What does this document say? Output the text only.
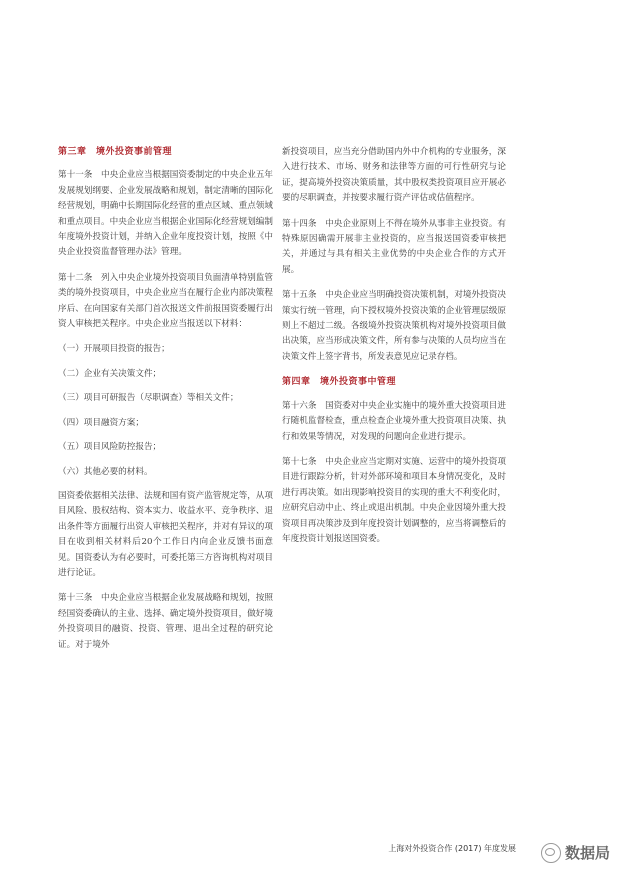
第三章　境外投资事前管理

第十一条　中央企业应当根据国资委制定的中央企业五年发展规划纲要、企业发展战略和规划，制定清晰的国际化经营规划，明确中长期国际化经营的重点区域、重点领域和重点项目。中央企业应当根据企业国际化经营规划编制年度境外投资计划，并纳入企业年度投资计划，按照《中央企业投资监督管理办法》管理。

第十二条　列入中央企业境外投资项目负面清单特别监管类的境外投资项目，中央企业应当在履行企业内部决策程序后、在向国家有关部门首次报送文件前报国资委履行出资人审核把关程序。中央企业应当报送以下材料：

（一）开展项目投资的报告；
（二）企业有关决策文件；
（三）项目可研报告（尽职调查）等相关文件；
（四）项目融资方案；
（五）项目风险防控报告；
（六）其他必要的材料。

国资委依据相关法律、法规和国有资产监管规定等，从项目风险、股权结构、资本实力、收益水平、竞争秩序、退出条件等方面履行出资人审核把关程序，并对有异议的项目在收到相关材料后20个工作日内向企业反馈书面意见。国资委认为有必要时，可委托第三方咨询机构对项目进行论证。

第十三条　中央企业应当根据企业发展战略和规划，按照经国资委确认的主业、选择、确定境外投资项目，做好境外投资项目的融资、投资、管理、退出全过程的研究论证。对于境外

新投资项目，应当充分借助国内外中介机构的专业服务，深入进行技术、市场、财务和法律等方面的可行性研究与论证，提高境外投资决策质量，其中股权类投资项目应开展必要的尽职调查，并按要求履行资产评估或估值程序。

第十四条　中央企业原则上不得在境外从事非主业投资。有特殊原因确需开展非主业投资的，应当报送国资委审核把关，并通过与具有相关主业优势的中央企业合作的方式开展。

第十五条　中央企业应当明确投资决策机制，对境外投资决策实行统一管理，向下授权境外投资决策的企业管理层级原则上不超过二级。各级境外投资决策机构对境外投资项目做出决策，应当形成决策文件，所有参与决策的人员均应当在决策文件上签字背书，所发表意见应记录存档。

第四章　境外投资事中管理

第十六条　国资委对中央企业实施中的境外重大投资项目进行随机监督检查，重点检查企业境外重大投资项目决策、执行和效果等情况，对发现的问题向企业进行提示。

第十七条　中央企业应当定期对实施、运营中的境外投资项目进行跟踪分析，针对外部环境和项目本身情况变化，及时进行再决策。如出现影响投资目的实现的重大不利变化时，应研究启动中止、终止或退出机制。中央企业因境外重大投资项目再决策涉及到年度投资计划调整的，应当将调整后的年度投资计划报送国资委。

上海对外投资合作 (2017) 年度发展	数据局
